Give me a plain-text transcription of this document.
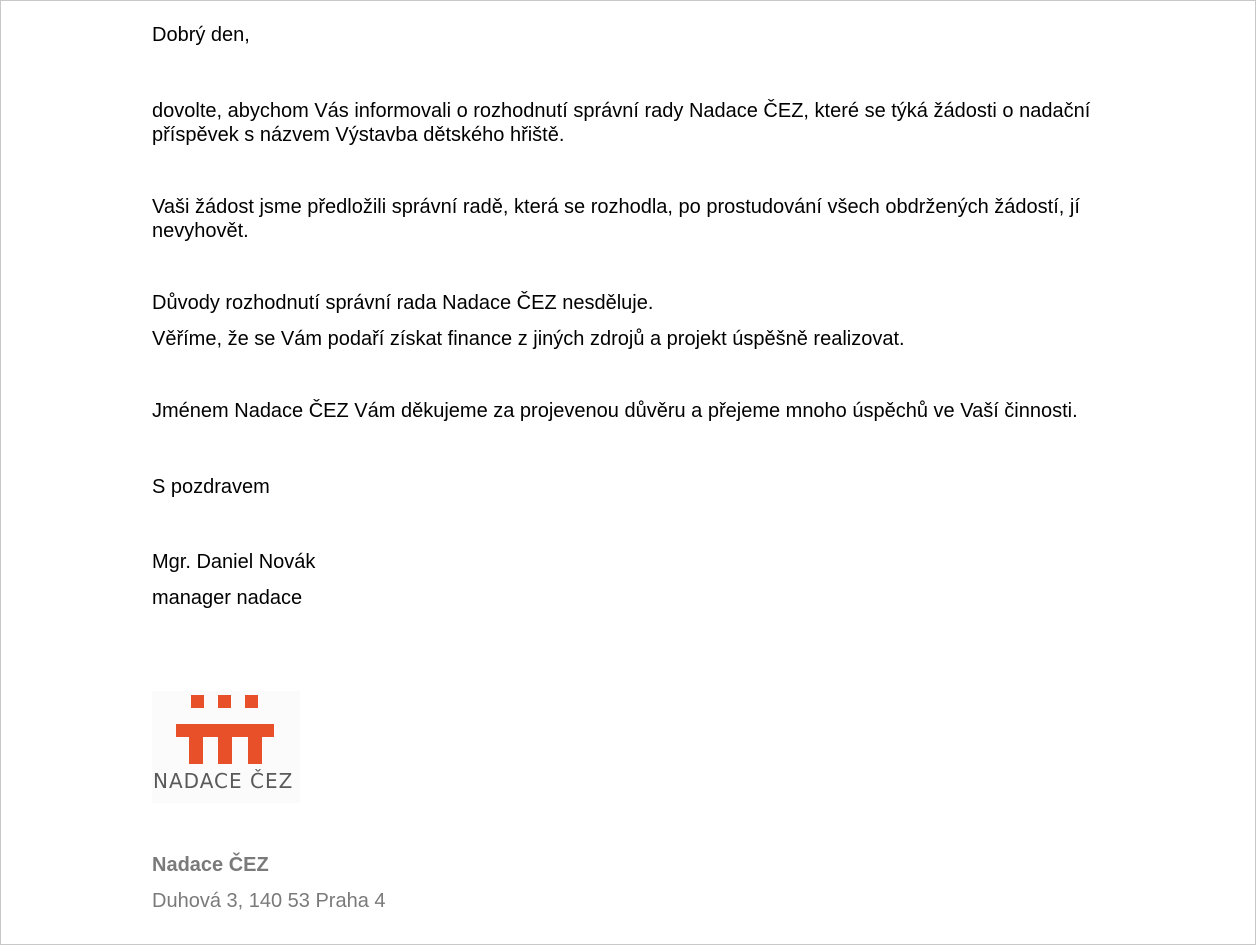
Dobrý den,
dovolte, abychom Vás informovali o rozhodnutí správní rady Nadace ČEZ, které se týká žádosti o nadační příspěvek s názvem Výstavba dětského hřiště.
Vaši žádost jsme předložili správní radě, která se rozhodla, po prostudování všech obdržených žádostí, jí nevyhovět.
Důvody rozhodnutí správní rada Nadace ČEZ nesděluje.
Věříme, že se Vám podaří získat finance z jiných zdrojů a projekt úspěšně realizovat.
Jménem Nadace ČEZ Vám děkujeme za projevenou důvěru a přejeme mnoho úspěchů ve Vaší činnosti.
S pozdravem
Mgr. Daniel Novák
manager nadace
NADACE ČEZ
Nadace ČEZ
Duhová 3, 140 53 Praha 4
